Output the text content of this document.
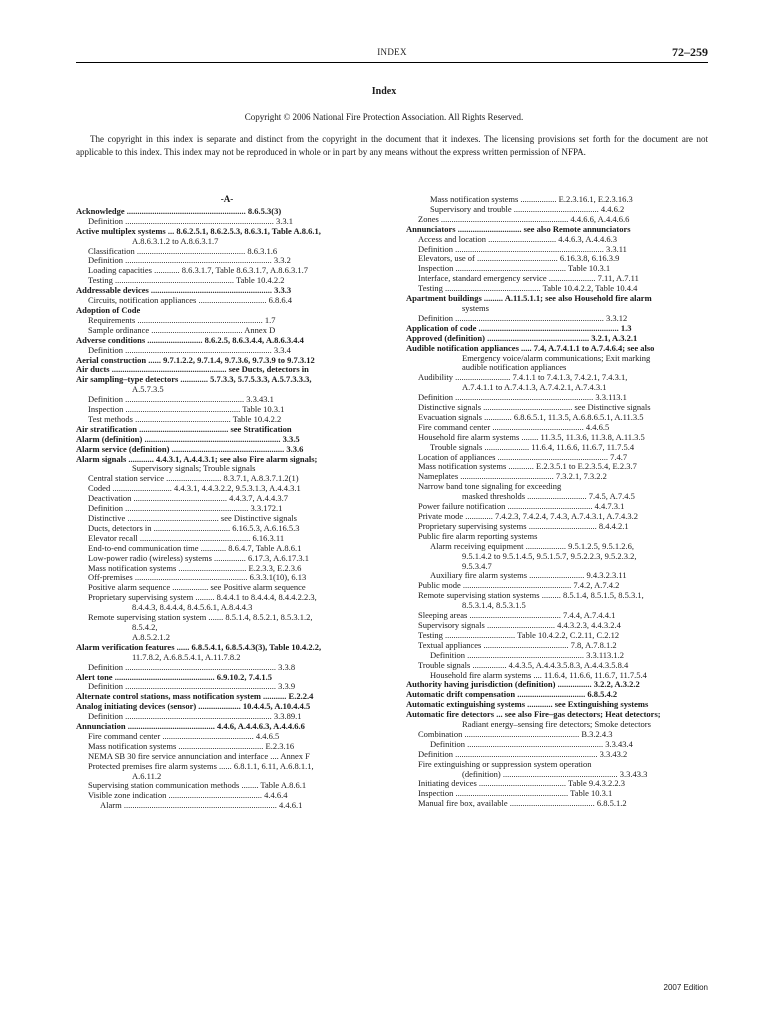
INDEX	72–259
Index
Copyright © 2006 National Fire Protection Association. All Rights Reserved.

The copyright in this index is separate and distinct from the copyright in the document that it indexes. The licensing provisions set forth for the document are not applicable to this index. This index may not be reproduced in whole or in part by any means without the express written permission of NFPA.

-A-
Acknowledge ........................................................ 8.6.5.3(3)
Definition ...................................................................... 3.3.1
Active multiplex systems ... 8.6.2.5.1, 8.6.2.5.3, 8.6.3.1, Table A.8.6.1,
A.8.6.3.1.2 to A.8.6.3.1.7
Classification ................................................... 8.6.3.1.6
Definition ..................................................................... 3.3.2
Loading capacities ............ 8.6.3.1.7, Table 8.6.3.1.7, A.8.6.3.1.7
Testing ........................................................ Table 10.4.2.2
Addressable devices ......................................................... 3.3.3
Circuits, notification appliances ................................ 6.8.6.4
Adoption of Code
Requirements ........................................................... 1.7
Sample ordinance ........................................... Annex D
Adverse conditions .......................... 8.6.2.5, 8.6.3.4.4, A.8.6.3.4.4
Definition ..................................................................... 3.3.4
Aerial construction ...... 9.7.1.2.2, 9.7.1.4, 9.7.3.6, 9.7.3.9 to 9.7.3.12
Air ducts ...................................................... see Ducts, detectors in
Air sampling–type detectors ............. 5.7.3.3, 5.7.5.3.3, A.5.7.3.3.3,
A.5.7.3.5
Definition ........................................................ 3.3.43.1
Inspection ...................................................... Table 10.3.1
Test methods ............................................. Table 10.4.2.2
Air stratification .......................................... see Stratification
Alarm (definition) ................................................................ 3.3.5
Alarm service (definition) ..................................................... 3.3.6
Alarm signals ............ 4.4.3.1, A.4.4.3.1; see also Fire alarm signals;
Supervisory signals; Trouble signals
Central station service .......................... 8.3.7.1, A.8.3.7.1.2(1)
Coded ............................ 4.4.3.1, 4.4.3.2.2, 9.5.3.1.3, A.4.4.3.1
Deactivation ............................................ 4.4.3.7, A.4.4.3.7
Definition .......................................................... 3.3.172.1
Distinctive ........................................... see Distinctive signals
Ducts, detectors in .................................... 6.16.5.3, A.6.16.5.3
Elevator recall .................................................... 6.16.3.11
End-to-end communication time ............ 8.6.4.7, Table A.8.6.1
Low-power radio (wireless) systems ............... 6.17.3, A.6.17.3.1
Mass notification systems ................................ E.2.3.3, E.2.3.6
Off-premises ..................................................... 6.3.3.1(10), 6.13
Positive alarm sequence ................. see Positive alarm sequence
Proprietary supervising system ......... 8.4.4.1 to 8.4.4.4, 8.4.4.2.2.3,
8.4.4.3, 8.4.4.4, 8.4.5.6.1, A.8.4.4.3
Remote supervising station system ....... 8.5.1.4, 8.5.2.1, 8.5.3.1.2,
8.5.4.2,
A.8.5.2.1.2
Alarm verification features ...... 6.8.5.4.1, 6.8.5.4.3(3), Table 10.4.2.2,
11.7.8.2, A.6.8.5.4.1, A.11.7.8.2
Definition ....................................................................... 3.3.8
Alert tone ............................................... 6.9.10.2, 7.4.1.5
Definition ....................................................................... 3.3.9
Alternate control stations, mass notification system ........... E.2.2.4
Analog initiating devices (sensor) .................... 10.4.4.5, A.10.4.4.5
Definition ..................................................................... 3.3.89.1
Annunciation ......................................... 4.4.6, A.4.4.6.3, A.4.4.6.6
Fire command center ........................................... 4.4.6.5
Mass notification systems ........................................ E.2.3.16
NEMA SB 30 fire service annunciation and interface .... Annex F
Protected premises fire alarm systems ...... 6.8.1.1, 6.11, A.6.8.1.1,
A.6.11.2
Supervising station communication methods ........ Table A.8.6.1
Visible zone indication ............................................ 4.4.6.4
Alarm ........................................................................ 4.4.6.1
Mass notification systems ................. E.2.3.16.1, E.2.3.16.3
Supervisory and trouble ........................................ 4.4.6.2
Zones ............................................................ 4.4.6.6, A.4.4.6.6
Annunciators .............................. see also Remote annunciators
Access and location ................................ 4.4.6.3, A.4.4.6.3
Definition ...................................................................... 3.3.11
Elevators, use of ...................................... 6.16.3.8, 6.16.3.9
Inspection .................................................... Table 10.3.1
Interface, standard emergency service ...................... 7.11, A.7.11
Testing ............................................. Table 10.4.2.2, Table 10.4.4
Apartment buildings ......... A.11.5.1.1; see also Household fire alarm
systems
Definition ...................................................................... 3.3.12
Application of code .................................................................. 1.3
Approved (definition) ................................................ 3.2.1, A.3.2.1
Audible notification appliances ..... 7.4, A.7.4.1.1 to A.7.4.6.4; see also
Emergency voice/alarm communications; Exit marking
audible notification appliances
Audibility .......................... 7.4.1.1 to 7.4.1.3, 7.4.2.1, 7.4.3.1,
A.7.4.1.1 to A.7.4.1.3, A.7.4.2.1, A.7.4.3.1
Definition ................................................................. 3.3.113.1
Distinctive signals .......................................... see Distinctive signals
Evacuation signals ............. 6.8.6.5.1, 11.3.5, A.6.8.6.5.1, A.11.3.5
Fire command center ........................................... 4.4.6.5
Household fire alarm systems ........ 11.3.5, 11.3.6, 11.3.8, A.11.3.5
Trouble signals ..................... 11.6.4, 11.6.6, 11.6.7, 11.7.5.4
Location of appliances .................................................... 7.4.7
Mass notification systems ............ E.2.3.5.1 to E.2.3.5.4, E.2.3.7
Nameplates ............................................ 7.3.2.1, 7.3.2.2
Narrow band tone signaling for exceeding
masked thresholds ............................ 7.4.5, A.7.4.5
Power failure notification ........................................ 4.4.7.3.1
Private mode ............. 7.4.2.3, 7.4.2.4, 7.4.3, A.7.4.3.1, A.7.4.3.2
Proprietary supervising systems ................................ 8.4.4.2.1
Public fire alarm reporting systems
Alarm receiving equipment ................... 9.5.1.2.5, 9.5.1.2.6,
9.5.1.4.2 to 9.5.1.4.5, 9.5.1.5.7, 9.5.2.2.3, 9.5.2.3.2,
9.5.3.4.7
Auxiliary fire alarm systems .......................... 9.4.3.2.3.11
Public mode ................................................... 7.4.2, A.7.4.2
Remote supervising station systems ......... 8.5.1.4, 8.5.1.5, 8.5.3.1,
8.5.3.1.4, 8.5.3.1.5
Sleeping areas ........................................... 7.4.4, A.7.4.4.1
Supervisory signals ................................ 4.4.3.2.3, 4.4.3.2.4
Testing ................................. Table 10.4.2.2, C.2.11, C.2.12
Textual appliances ........................................ 7.8, A.7.8.1.2
Definition ....................................................... 3.3.113.1.2
Trouble signals ................ 4.4.3.5, A.4.4.3.5.8.3, A.4.4.3.5.8.4
Household fire alarm systems .... 11.6.4, 11.6.6, 11.6.7, 11.7.5.4
Authority having jurisdiction (definition) ................ 3.2.2, A.3.2.2
Automatic drift compensation ................................ 6.8.5.4.2
Automatic extinguishing systems ............ see Extinguishing systems
Automatic fire detectors ... see also Fire–gas detectors; Heat detectors;
Radiant energy–sensing fire detectors; Smoke detectors
Combination ...................................................... B.3.2.4.3
Definition ................................................................ 3.3.43.4
Definition ................................................................... 3.3.43.2
Fire extinguishing or suppression system operation
(definition) ...................................................... 3.3.43.3
Initiating devices ......................................... Table 9.4.3.2.2.3
Inspection ..................................................... Table 10.3.1
Manual fire box, available ........................................ 6.8.5.1.2
2007 Edition
